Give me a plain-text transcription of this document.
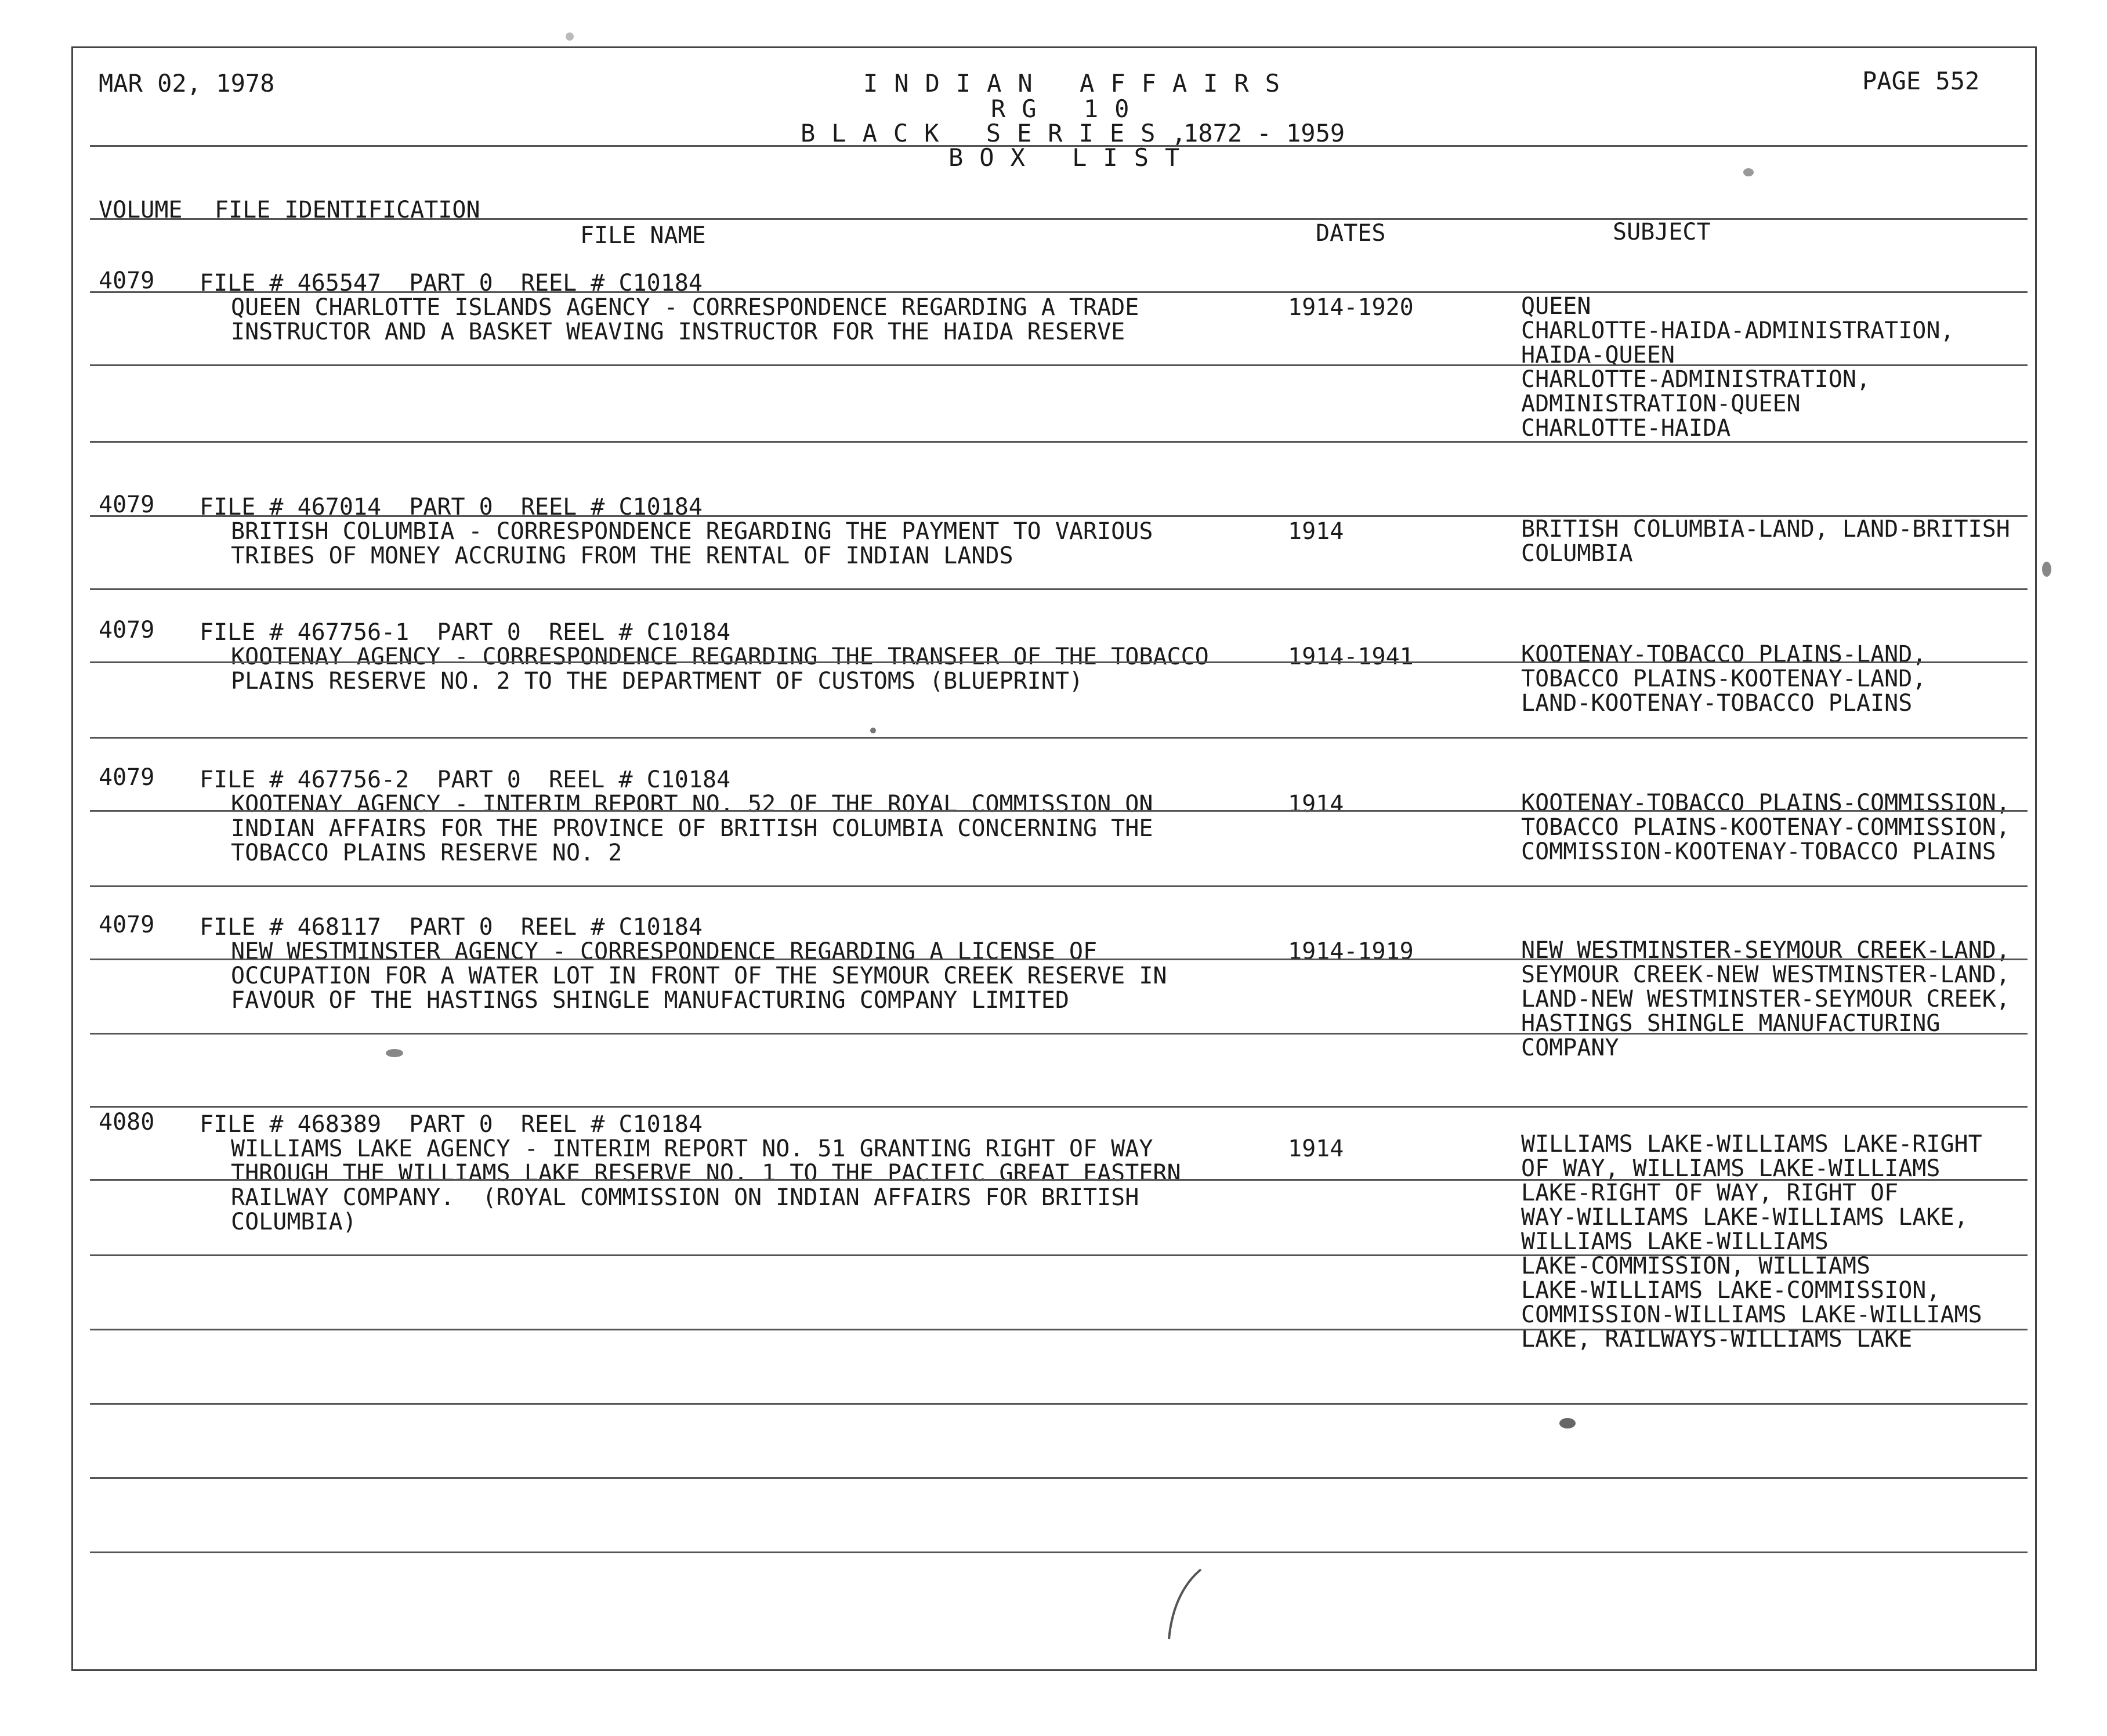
MAR 02, 1978	INDIAN AFFAIRS
RG 10
BLACK SERIES,
1872 - 1959
BOX LIST
PAGE 552
VOLUME FILE IDENTIFICATION
FILE NAME	DATES	SUBJECT
4079 FILE # 465547  PART 0  REEL # C10184
QUEEN CHARLOTTE ISLANDS AGENCY - CORRESPONDENCE REGARDING A TRADE
INSTRUCTOR AND A BASKET WEAVING INSTRUCTOR FOR THE HAIDA RESERVE
1914-1920	QUEEN
CHARLOTTE-HAIDA-ADMINISTRATION,
HAIDA-QUEEN
CHARLOTTE-ADMINISTRATION,
ADMINISTRATION-QUEEN
CHARLOTTE-HAIDA
4079 FILE # 467014  PART 0  REEL # C10184
BRITISH COLUMBIA - CORRESPONDENCE REGARDING THE PAYMENT TO VARIOUS
TRIBES OF MONEY ACCRUING FROM THE RENTAL OF INDIAN LANDS
1914	BRITISH COLUMBIA-LAND, LAND-BRITISH
COLUMBIA
4079 FILE # 467756-1  PART 0  REEL # C10184
KOOTENAY AGENCY - CORRESPONDENCE REGARDING THE TRANSFER OF THE TOBACCO
PLAINS RESERVE NO. 2 TO THE DEPARTMENT OF CUSTOMS (BLUEPRINT)
1914-1941	KOOTENAY-TOBACCO PLAINS-LAND,
TOBACCO PLAINS-KOOTENAY-LAND,
LAND-KOOTENAY-TOBACCO PLAINS
4079 FILE # 467756-2  PART 0  REEL # C10184
KOOTENAY AGENCY - INTERIM REPORT NO. 52 OF THE ROYAL COMMISSION ON
INDIAN AFFAIRS FOR THE PROVINCE OF BRITISH COLUMBIA CONCERNING THE
TOBACCO PLAINS RESERVE NO. 2
1914	KOOTENAY-TOBACCO PLAINS-COMMISSION,
TOBACCO PLAINS-KOOTENAY-COMMISSION,
COMMISSION-KOOTENAY-TOBACCO PLAINS
4079 FILE # 468117  PART 0  REEL # C10184
NEW WESTMINSTER AGENCY - CORRESPONDENCE REGARDING A LICENSE OF
OCCUPATION FOR A WATER LOT IN FRONT OF THE SEYMOUR CREEK RESERVE IN
FAVOUR OF THE HASTINGS SHINGLE MANUFACTURING COMPANY LIMITED
1914-1919	NEW WESTMINSTER-SEYMOUR CREEK-LAND,
SEYMOUR CREEK-NEW WESTMINSTER-LAND,
LAND-NEW WESTMINSTER-SEYMOUR CREEK,
HASTINGS SHINGLE MANUFACTURING
COMPANY
4080 FILE # 468389  PART 0  REEL # C10184
WILLIAMS LAKE AGENCY - INTERIM REPORT NO. 51 GRANTING RIGHT OF WAY
THROUGH THE WILLIAMS LAKE RESERVE NO. 1 TO THE PACIFIC GREAT EASTERN
RAILWAY COMPANY.  (ROYAL COMMISSION ON INDIAN AFFAIRS FOR BRITISH
COLUMBIA)
1914	WILLIAMS LAKE-WILLIAMS LAKE-RIGHT
OF WAY, WILLIAMS LAKE-WILLIAMS
LAKE-RIGHT OF WAY, RIGHT OF
WAY-WILLIAMS LAKE-WILLIAMS LAKE,
WILLIAMS LAKE-WILLIAMS
LAKE-COMMISSION, WILLIAMS
LAKE-WILLIAMS LAKE-COMMISSION,
COMMISSION-WILLIAMS LAKE-WILLIAMS
LAKE, RAILWAYS-WILLIAMS LAKE
